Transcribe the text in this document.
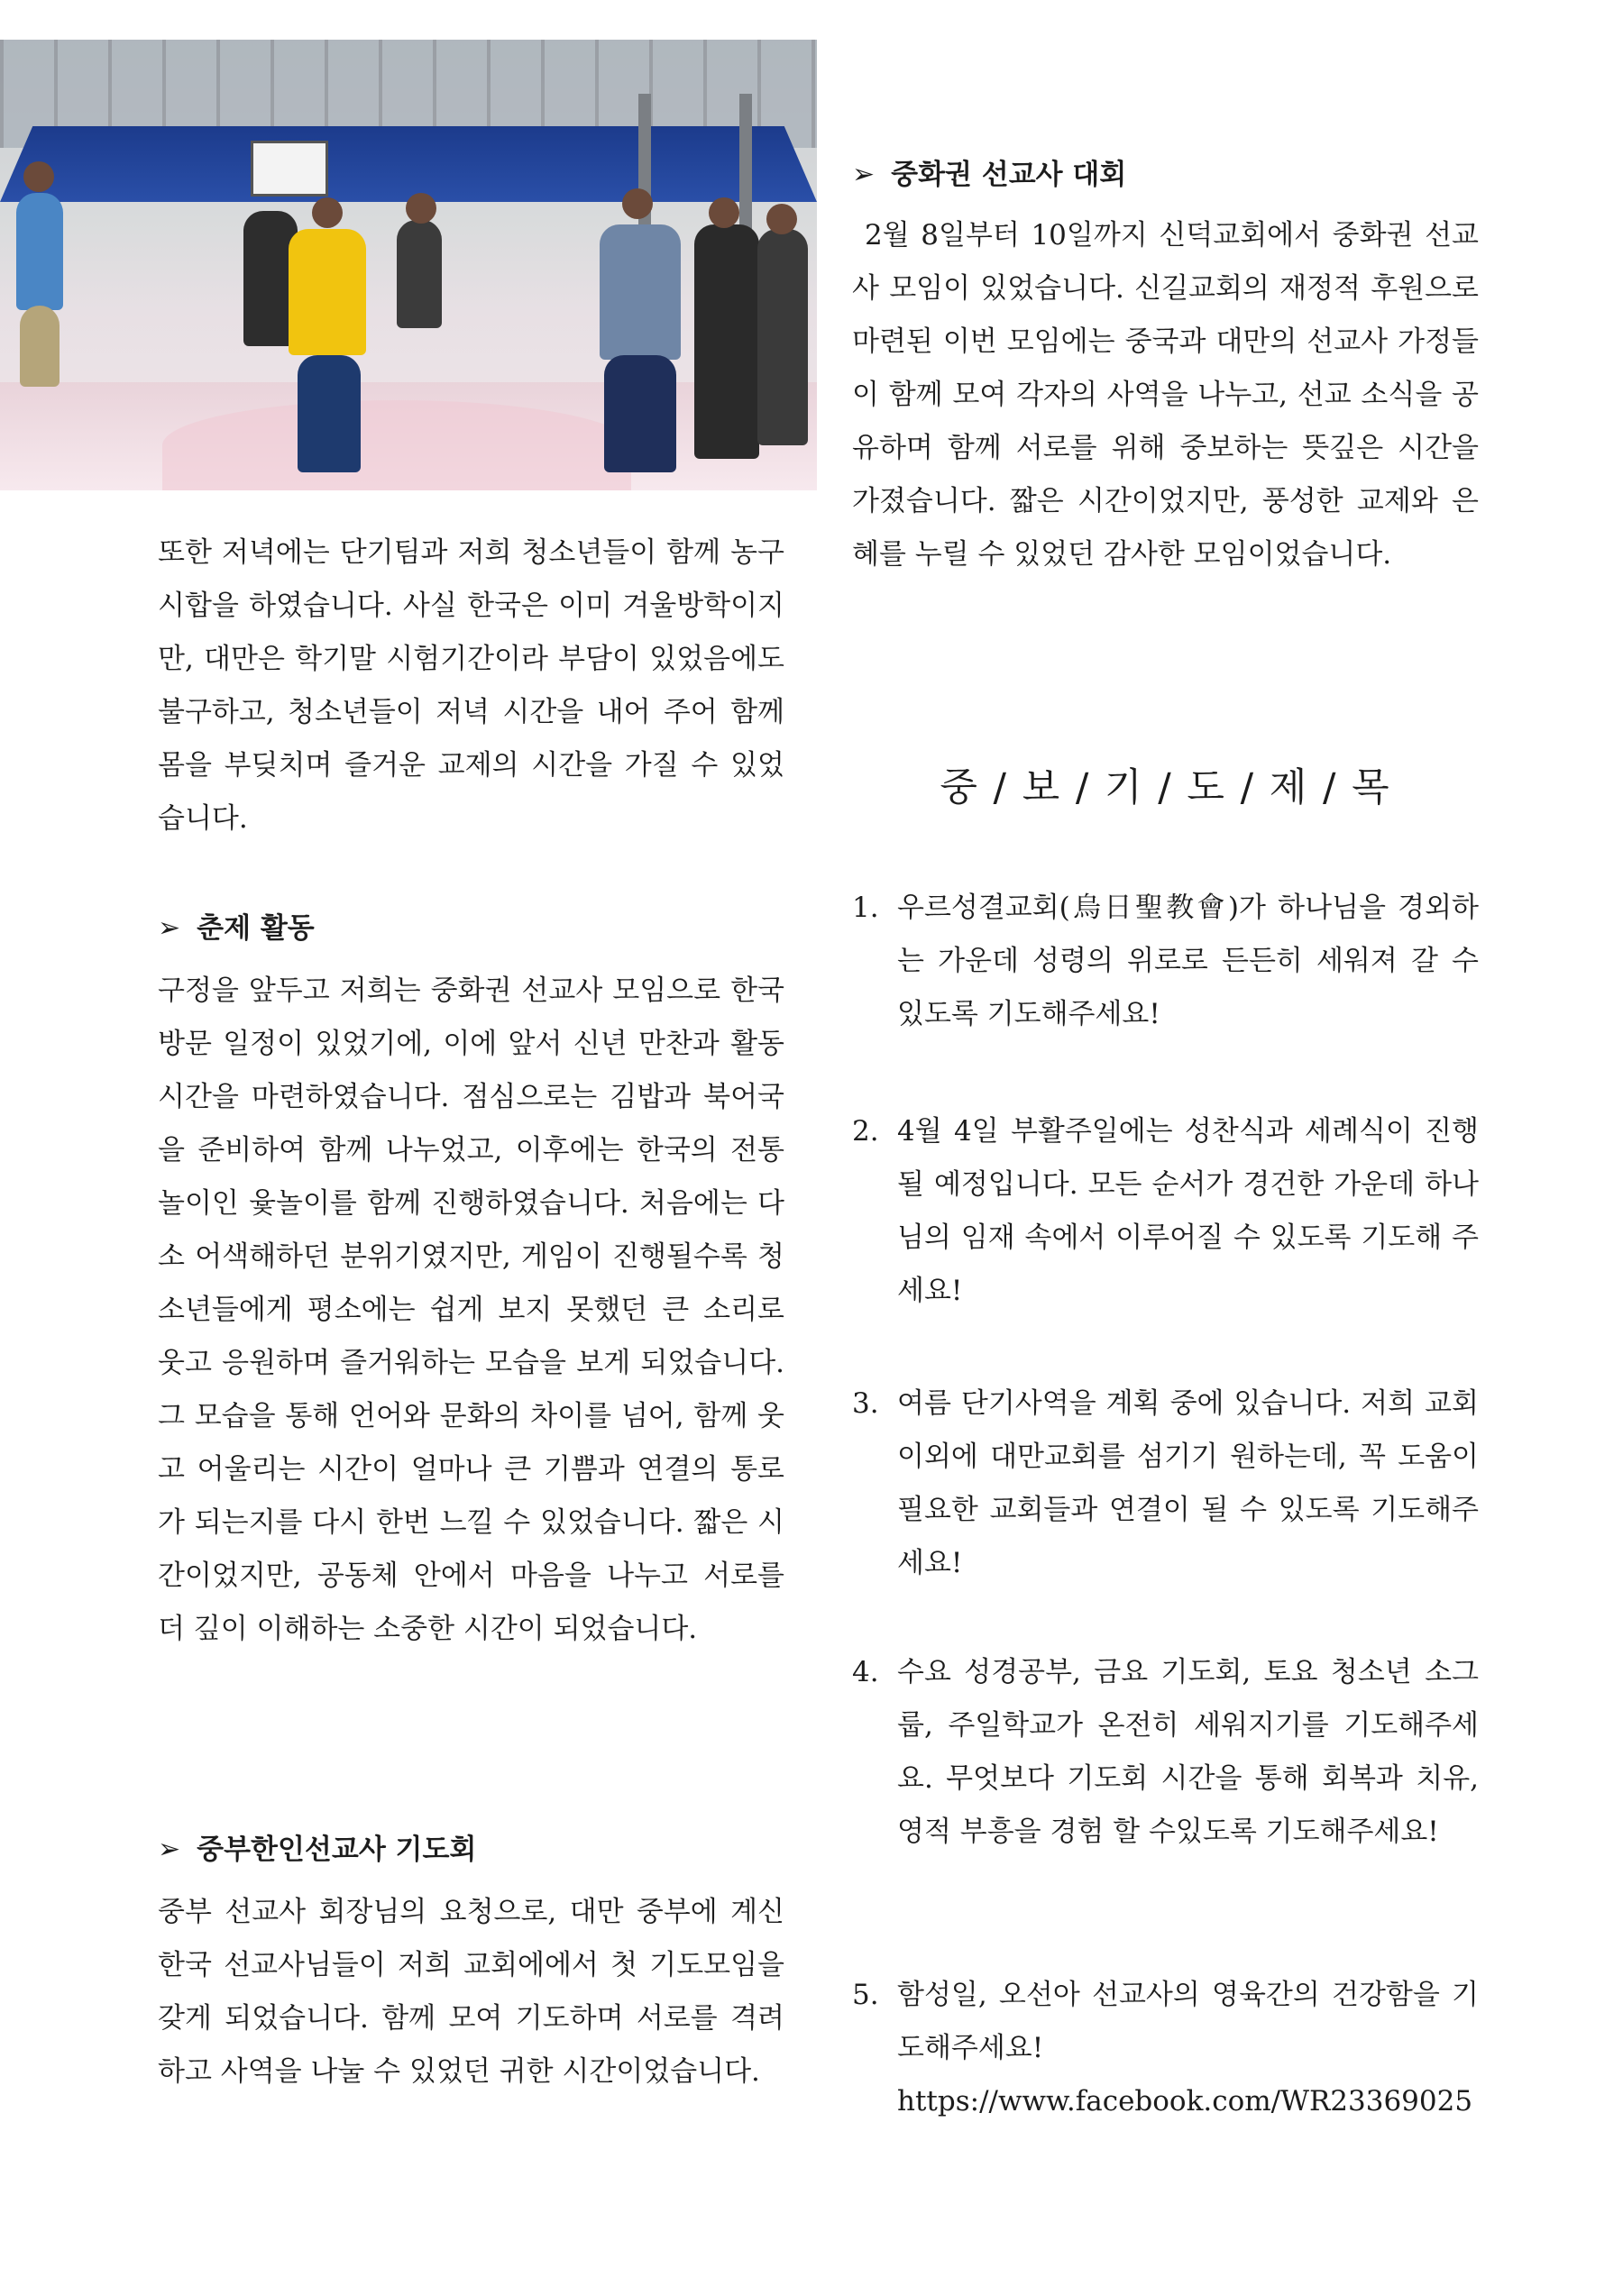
또한 저녁에는 단기팀과 저희 청소년들이 함께 농구시합을 하였습니다. 사실 한국은 이미 겨울방학이지만, 대만은 학기말 시험기간이라 부담이 있었음에도 불구하고, 청소년들이 저녁 시간을 내어 주어 함께 몸을 부딪치며 즐거운 교제의 시간을 가질 수 있었습니다.

➢ 춘제 활동

구정을 앞두고 저희는 중화권 선교사 모임으로 한국 방문 일정이 있었기에, 이에 앞서 신년 만찬과 활동 시간을 마련하였습니다. 점심으로는 김밥과 북어국을 준비하여 함께 나누었고, 이후에는 한국의 전통놀이인 윷놀이를 함께 진행하였습니다. 처음에는 다소 어색해하던 분위기였지만, 게임이 진행될수록 청소년들에게 평소에는 쉽게 보지 못했던 큰 소리로 웃고 응원하며 즐거워하는 모습을 보게 되었습니다. 그 모습을 통해 언어와 문화의 차이를 넘어, 함께 웃고 어울리는 시간이 얼마나 큰 기쁨과 연결의 통로가 되는지를 다시 한번 느낄 수 있었습니다. 짧은 시간이었지만, 공동체 안에서 마음을 나누고 서로를 더 깊이 이해하는 소중한 시간이 되었습니다.

➢ 중부한인선교사 기도회

중부 선교사 회장님의 요청으로, 대만 중부에 계신 한국 선교사님들이 저희 교회에에서 첫 기도모임을 갖게 되었습니다. 함께 모여 기도하며 서로를 격려하고 사역을 나눌 수 있었던 귀한 시간이었습니다.

➢ 중화권 선교사 대회

2월 8일부터 10일까지 신덕교회에서 중화권 선교사 모임이 있었습니다. 신길교회의 재정적 후원으로 마련된 이번 모임에는 중국과 대만의 선교사 가정들이 함께 모여 각자의 사역을 나누고, 선교 소식을 공유하며 함께 서로를 위해 중보하는 뜻깊은 시간을 가졌습니다. 짧은 시간이었지만, 풍성한 교제와 은혜를 누릴 수 있었던 감사한 모임이었습니다.

중 / 보 / 기 / 도 / 제 / 목
1. 우르성결교회(烏日聖教會)가 하나님을 경외하는 가운데 성령의 위로로 든든히 세워져 갈 수 있도록 기도해주세요!
2. 4월 4일 부활주일에는 성찬식과 세례식이 진행될 예정입니다. 모든 순서가 경건한 가운데 하나님의 임재 속에서 이루어질 수 있도록 기도해 주세요!
3. 여름 단기사역을 계획 중에 있습니다. 저희 교회 이외에 대만교회를 섬기기 원하는데, 꼭 도움이 필요한 교회들과 연결이 될 수 있도록 기도해주세요!
4. 수요 성경공부, 금요 기도회, 토요 청소년 소그룹, 주일학교가 온전히 세워지기를 기도해주세요. 무엇보다 기도회 시간을 통해 회복과 치유, 영적 부흥을 경험 할 수있도록 기도해주세요!
5. 함성일, 오선아 선교사의 영육간의 건강함을 기도해주세요!
https://www.facebook.com/WR23369025
